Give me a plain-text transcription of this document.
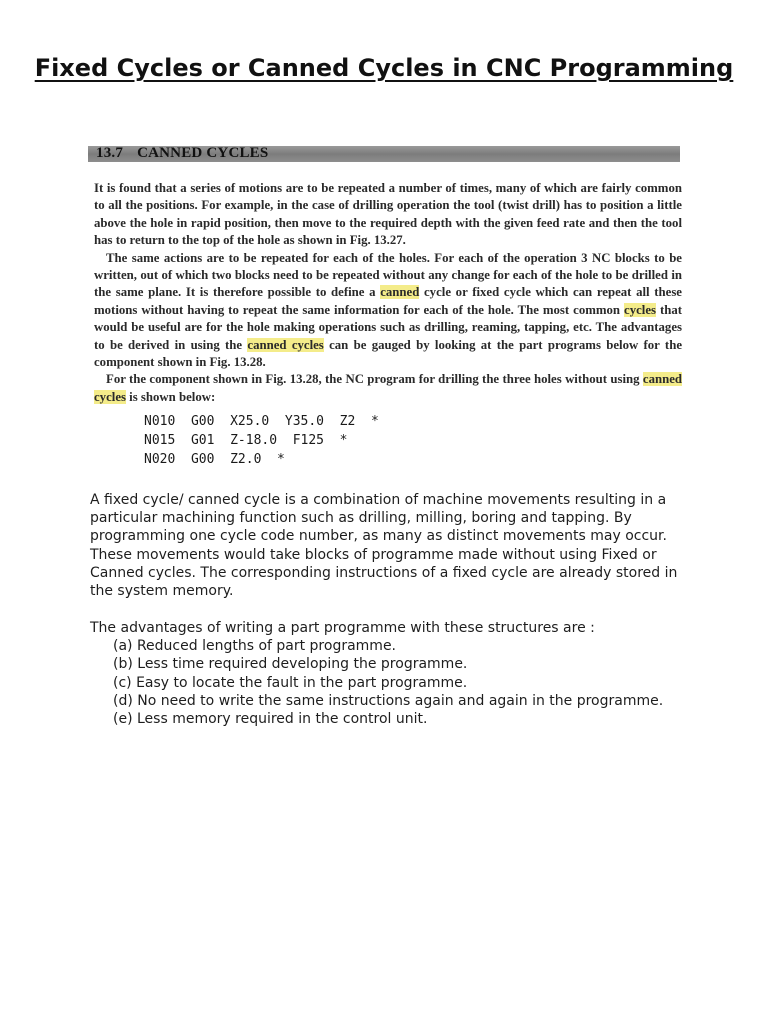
Fixed Cycles or Canned Cycles in CNC Programming
13.7 CANNED CYCLES

It is found that a series of motions are to be repeated a number of times, many of which are fairly common to all the positions. For example, in the case of drilling operation the tool (twist drill) has to position a little above the hole in rapid position, then move to the required depth with the given feed rate and then the tool has to return to the top of the hole as shown in Fig. 13.27.

The same actions are to be repeated for each of the holes. For each of the operation 3 NC blocks to be written, out of which two blocks need to be repeated without any change for each of the hole to be drilled in the same plane. It is therefore possible to define a canned cycle or fixed cycle which can repeat all these motions without having to repeat the same information for each of the hole. The most common cycles that would be useful are for the hole making operations such as drilling, reaming, tapping, etc. The advantages to be derived in using the canned cycles can be gauged by looking at the part programs below for the component shown in Fig. 13.28.

For the component shown in Fig. 13.28, the NC program for drilling the three holes without using canned cycles is shown below:

N010  G00  X25.0  Y35.0  Z2  *
N015  G01  Z-18.0  F125  *
N020  G00  Z2.0  *

A fixed cycle/ canned cycle is a combination of machine movements resulting in a particular machining function such as drilling, milling, boring and tapping. By programming one cycle code number, as many as distinct movements may occur. These movements would take blocks of programme made without using Fixed or Canned cycles. The corresponding instructions of a fixed cycle are already stored in the system memory.

The advantages of writing a part programme with these structures are :

(a) Reduced lengths of part programme.
(b) Less time required developing the programme.
(c) Easy to locate the fault in the part programme.
(d) No need to write the same instructions again and again in the programme.
(e) Less memory required in the control unit.
